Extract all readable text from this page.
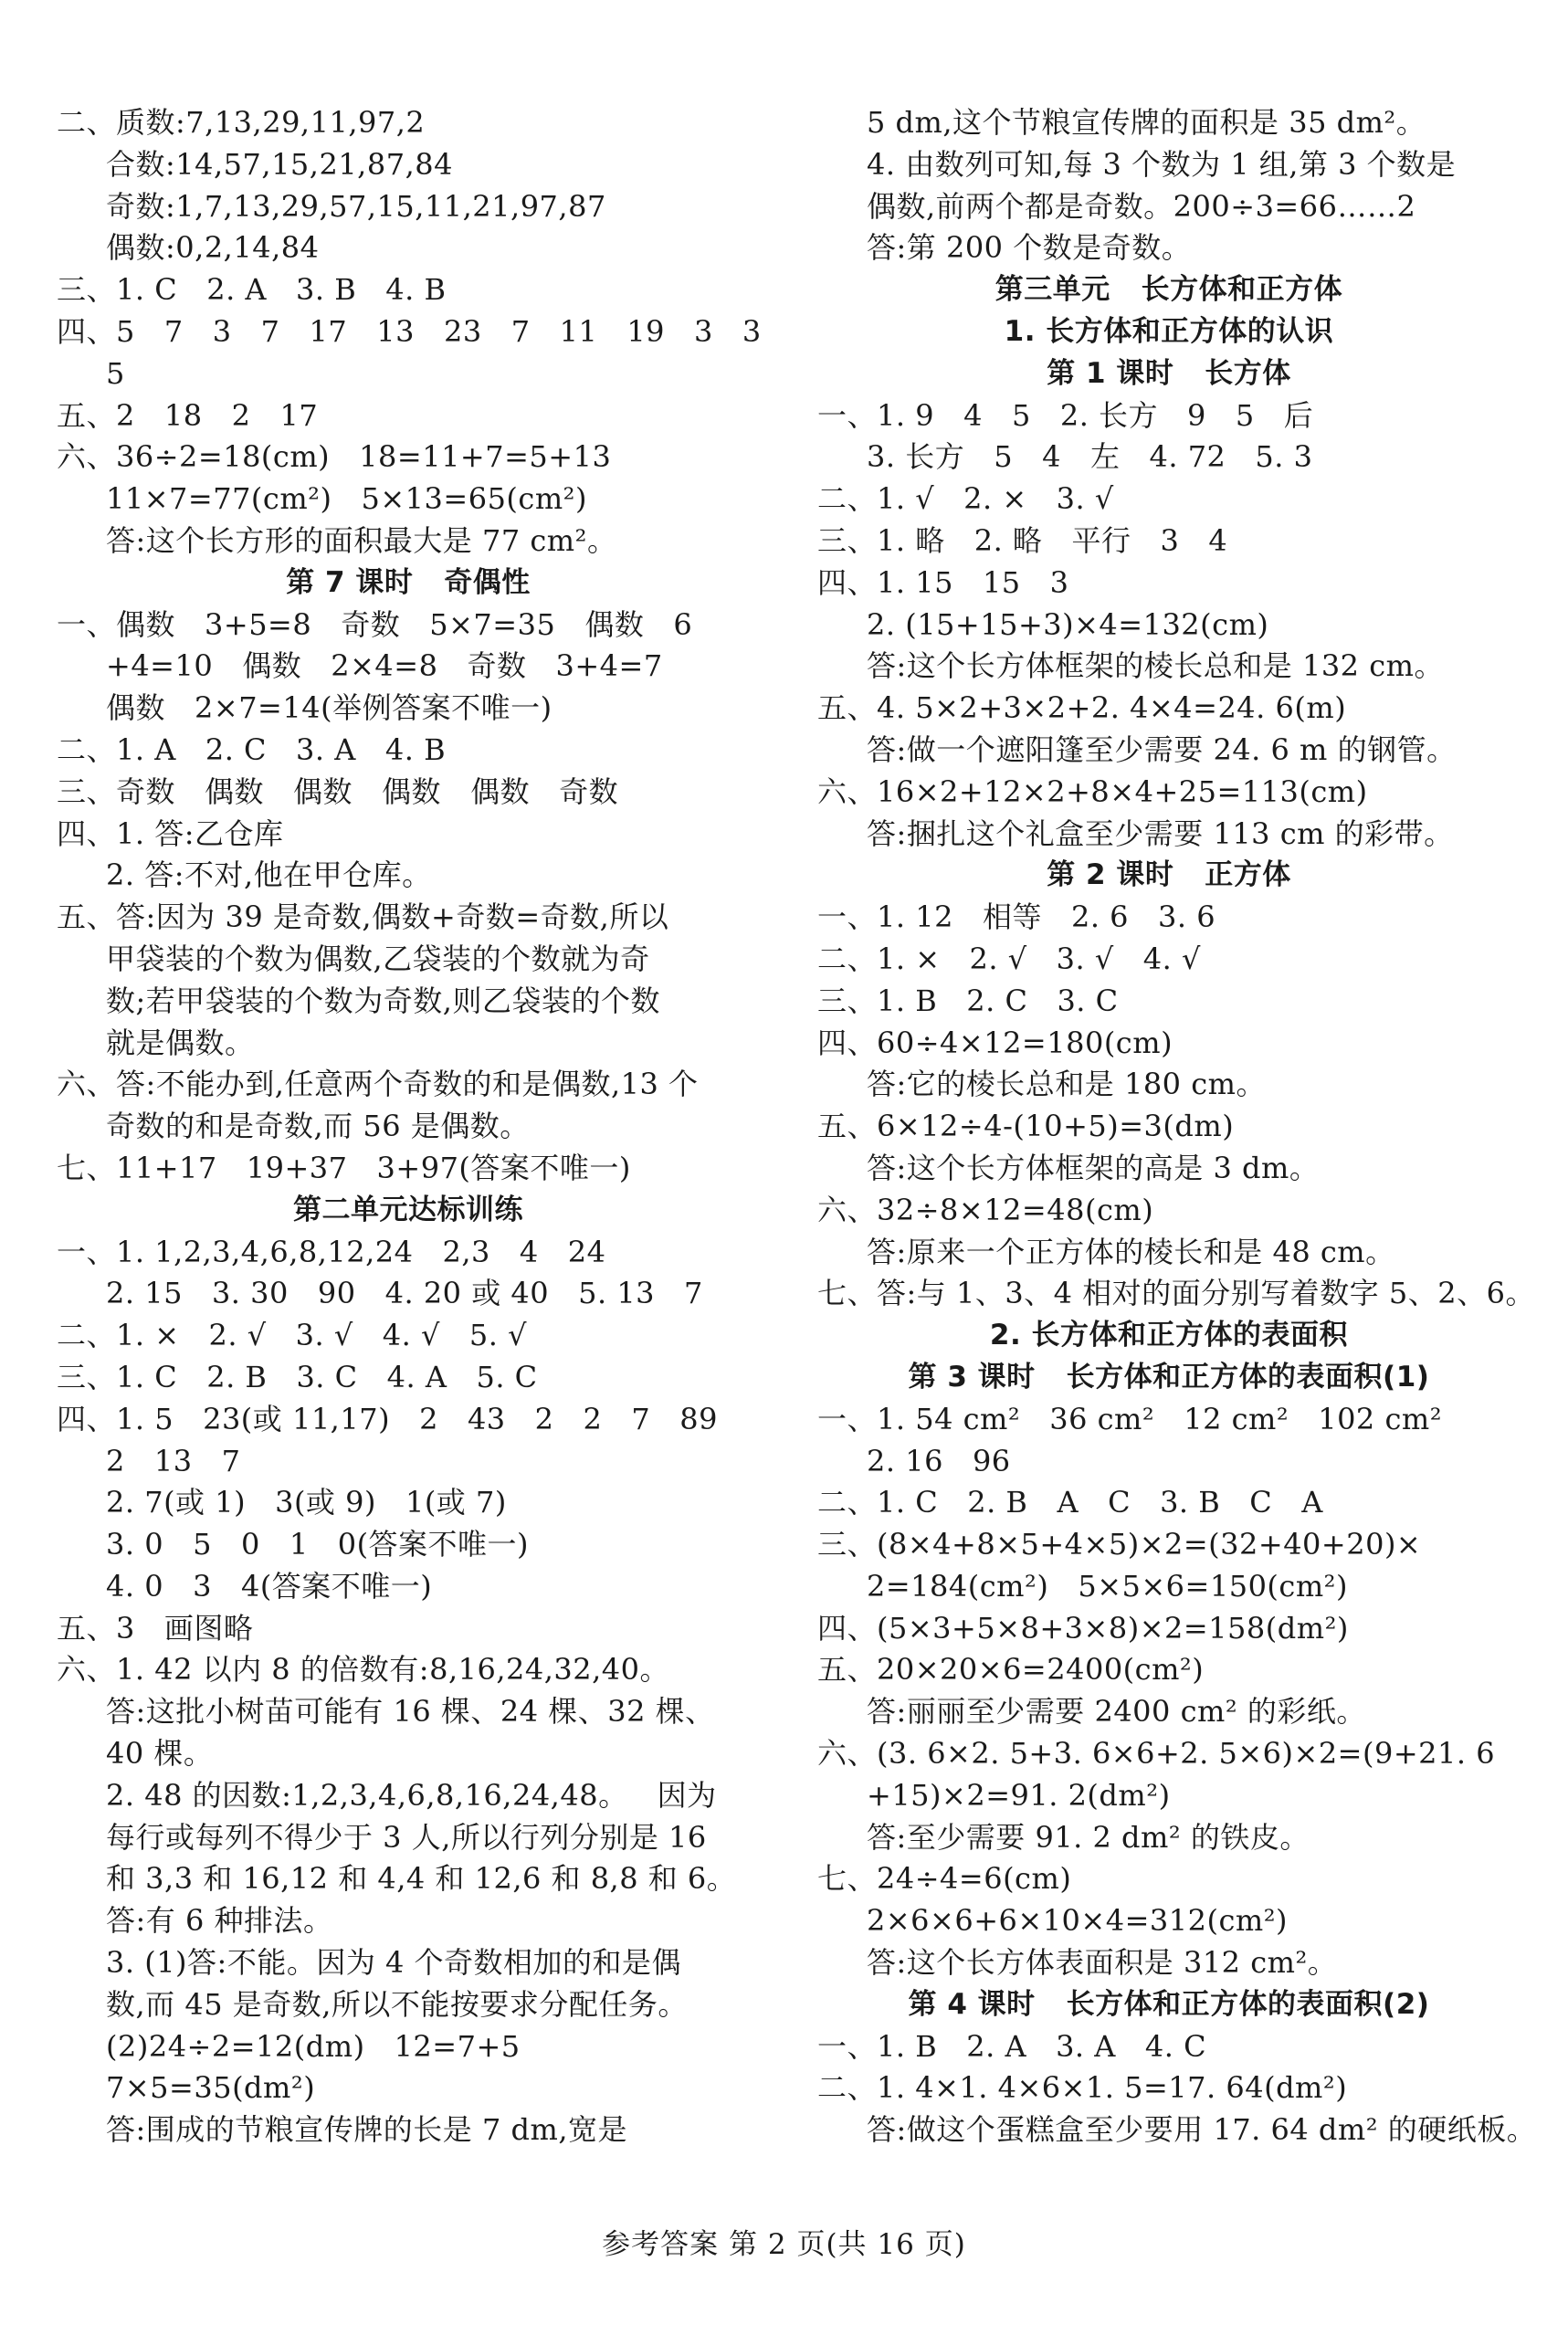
二、质数:7,13,29,11,97,2
合数:14,57,15,21,87,84
奇数:1,7,13,29,57,15,11,21,97,87
偶数:0,2,14,84
三、1. C   2. A   3. B   4. B
四、5   7   3   7   17   13   23   7   11   19   3   3
5
五、2   18   2   17
六、36÷2=18(cm)   18=11+7=5+13
11×7=77(cm²)   5×13=65(cm²)
答:这个长方形的面积最大是 77 cm²。
第 7 课时   奇偶性
一、偶数   3+5=8   奇数   5×7=35   偶数   6
+4=10   偶数   2×4=8   奇数   3+4=7
偶数   2×7=14(举例答案不唯一)
二、1. A   2. C   3. A   4. B
三、奇数   偶数   偶数   偶数   偶数   奇数
四、1. 答:乙仓库
2. 答:不对,他在甲仓库。
五、答:因为 39 是奇数,偶数+奇数=奇数,所以
甲袋装的个数为偶数,乙袋装的个数就为奇
数;若甲袋装的个数为奇数,则乙袋装的个数
就是偶数。
六、答:不能办到,任意两个奇数的和是偶数,13 个
奇数的和是奇数,而 56 是偶数。
七、11+17   19+37   3+97(答案不唯一)
第二单元达标训练
一、1. 1,2,3,4,6,8,12,24   2,3   4   24
2. 15   3. 30   90   4. 20 或 40   5. 13   7
二、1. ×   2. √   3. √   4. √   5. √
三、1. C   2. B   3. C   4. A   5. C
四、1. 5   23(或 11,17)   2   43   2   2   7   89
2   13   7
2. 7(或 1)   3(或 9)   1(或 7)
3. 0   5   0   1   0(答案不唯一)
4. 0   3   4(答案不唯一)
五、3   画图略
六、1. 42 以内 8 的倍数有:8,16,24,32,40。
答:这批小树苗可能有 16 棵、24 棵、32 棵、
40 棵。
2. 48 的因数:1,2,3,4,6,8,16,24,48。   因为
每行或每列不得少于 3 人,所以行列分别是 16
和 3,3 和 16,12 和 4,4 和 12,6 和 8,8 和 6。
答:有 6 种排法。
3. (1)答:不能。因为 4 个奇数相加的和是偶
数,而 45 是奇数,所以不能按要求分配任务。
(2)24÷2=12(dm)   12=7+5
7×5=35(dm²)
答:围成的节粮宣传牌的长是 7 dm,宽是
5 dm,这个节粮宣传牌的面积是 35 dm²。
4. 由数列可知,每 3 个数为 1 组,第 3 个数是
偶数,前两个都是奇数。200÷3=66……2
答:第 200 个数是奇数。
第三单元   长方体和正方体
1. 长方体和正方体的认识
第 1 课时   长方体
一、1. 9   4   5   2. 长方   9   5   后
3. 长方   5   4   左   4. 72   5. 3
二、1. √   2. ×   3. √
三、1. 略   2. 略   平行   3   4
四、1. 15   15   3
2. (15+15+3)×4=132(cm)
答:这个长方体框架的棱长总和是 132 cm。
五、4. 5×2+3×2+2. 4×4=24. 6(m)
答:做一个遮阳篷至少需要 24. 6 m 的钢管。
六、16×2+12×2+8×4+25=113(cm)
答:捆扎这个礼盒至少需要 113 cm 的彩带。
第 2 课时   正方体
一、1. 12   相等   2. 6   3. 6
二、1. ×   2. √   3. √   4. √
三、1. B   2. C   3. C
四、60÷4×12=180(cm)
答:它的棱长总和是 180 cm。
五、6×12÷4-(10+5)=3(dm)
答:这个长方体框架的高是 3 dm。
六、32÷8×12=48(cm)
答:原来一个正方体的棱长和是 48 cm。
七、答:与 1、3、4 相对的面分别写着数字 5、2、6。
2. 长方体和正方体的表面积
第 3 课时   长方体和正方体的表面积(1)
一、1. 54 cm²   36 cm²   12 cm²   102 cm²
2. 16   96
二、1. C   2. B   A   C   3. B   C   A
三、(8×4+8×5+4×5)×2=(32+40+20)×
2=184(cm²)   5×5×6=150(cm²)
四、(5×3+5×8+3×8)×2=158(dm²)
五、20×20×6=2400(cm²)
答:丽丽至少需要 2400 cm² 的彩纸。
六、(3. 6×2. 5+3. 6×6+2. 5×6)×2=(9+21. 6
+15)×2=91. 2(dm²)
答:至少需要 91. 2 dm² 的铁皮。
七、24÷4=6(cm)
2×6×6+6×10×4=312(cm²)
答:这个长方体表面积是 312 cm²。
第 4 课时   长方体和正方体的表面积(2)
一、1. B   2. A   3. A   4. C
二、1. 4×1. 4×6×1. 5=17. 64(dm²)
答:做这个蛋糕盒至少要用 17. 64 dm² 的硬纸板。
参考答案 第 2 页(共 16 页)
